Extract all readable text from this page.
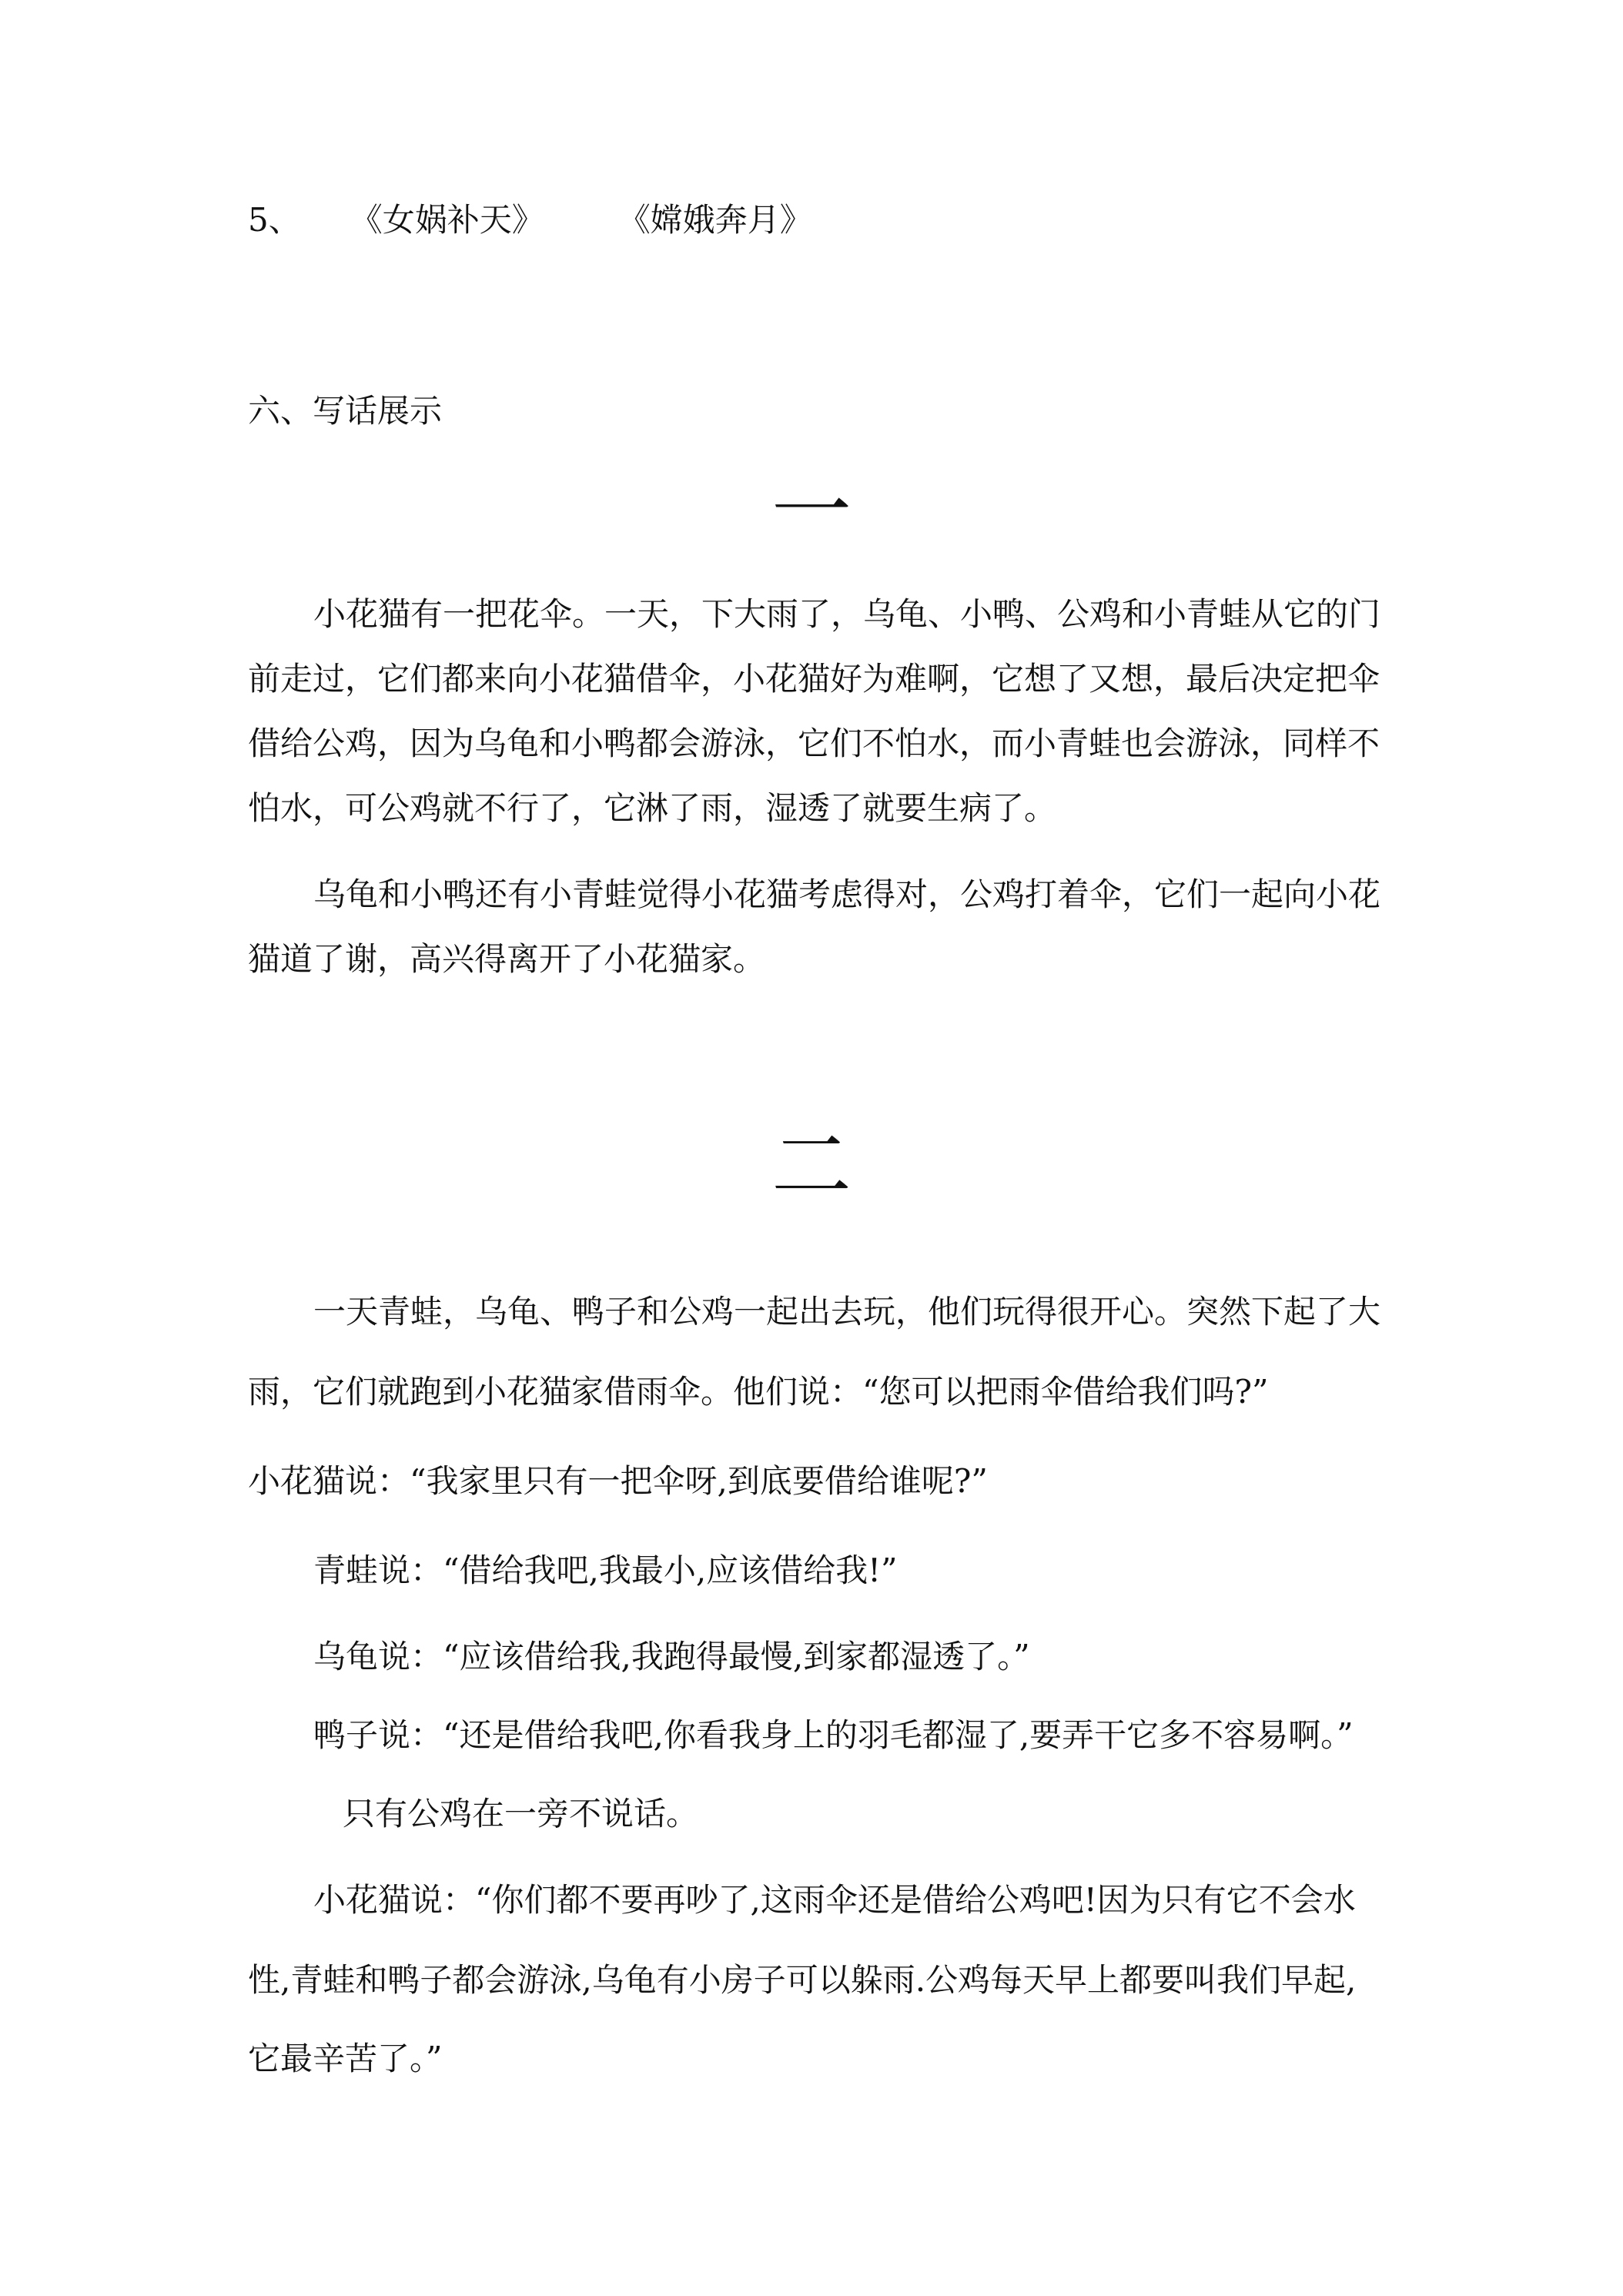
5、 《女娲补天》 《嫦娥奔月》

六、写话展示

一

小花猫有一把花伞。一天，下大雨了，乌龟、小鸭、公鸡和小青蛙从它的门

前走过，它们都来向小花猫借伞，小花猫好为难啊，它想了又想，最后决定把伞

借给公鸡，因为乌龟和小鸭都会游泳，它们不怕水，而小青蛙也会游泳，同样不

怕水，可公鸡就不行了，它淋了雨，湿透了就要生病了。

乌龟和小鸭还有小青蛙觉得小花猫考虑得对，公鸡打着伞，它们一起向小花

猫道了谢，高兴得离开了小花猫家。

二

一天青蛙，乌龟、鸭子和公鸡一起出去玩，他们玩得很开心。突然下起了大

雨，它们就跑到小花猫家借雨伞。他们说：“您可以把雨伞借给我们吗?”

小花猫说：“我家里只有一把伞呀,到底要借给谁呢?”

青蛙说：“借给我吧,我最小,应该借给我!”

乌龟说：“应该借给我,我跑得最慢,到家都湿透了。”

鸭子说：“还是借给我吧,你看我身上的羽毛都湿了,要弄干它多不容易啊。”

只有公鸡在一旁不说话。

小花猫说：“你们都不要再吵了,这雨伞还是借给公鸡吧!因为只有它不会水

性,青蛙和鸭子都会游泳,乌龟有小房子可以躲雨.公鸡每天早上都要叫我们早起,

它最辛苦了。”
